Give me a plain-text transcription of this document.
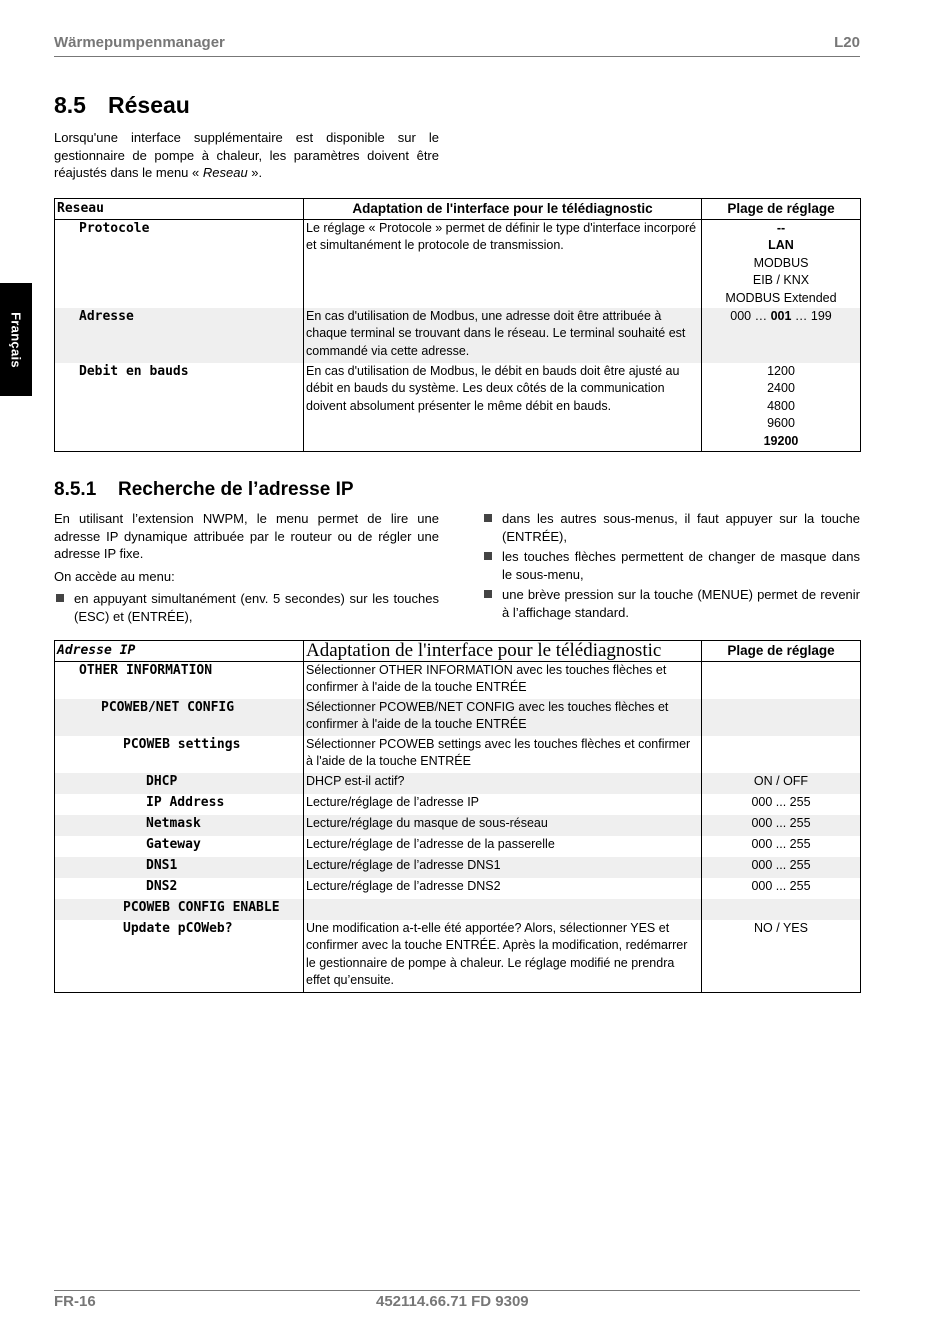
Wärmepumpenmanager	L20
Français
8.5 Réseau

Lorsqu'une interface supplémentaire est disponible sur le gestionnaire de pompe à chaleur, les paramètres doivent être réajustés dans le menu « Reseau ».

Reseau	Adaptation de l'interface pour le télédiagnostic	Plage de réglage
Protocole	Le réglage « Protocole » permet de définir le type d'interface incorporé et simultanément le protocole de transmission.	--
LAN
MODBUS
EIB / KNX
MODBUS Extended

Adresse	En cas d'utilisation de Modbus, une adresse doit être attribuée à chaque terminal se trouvant dans le réseau. Le terminal souhaité est commandé via cette adresse.	000 … 001 … 199
Debit en bauds	En cas d'utilisation de Modbus, le débit en bauds doit être ajusté au débit en bauds du système. Les deux côtés de la communication doivent absolument présenter le même débit en bauds.	1200
2400
4800
9600
19200
8.5.1 Recherche de l’adresse IP

En utilisant l’extension NWPM, le menu permet de lire une adresse IP dynamique attribuée par le routeur ou de régler une adresse IP fixe.

On accède au menu:

en appuyant simultanément (env. 5 secondes) sur les touches (ESC) et (ENTRÉE),
dans les autres sous-menus, il faut appuyer sur la touche (ENTRÉE),
les touches flèches permettent de changer de masque dans le sous-menu,
une brève pression sur la touche (MENUE) permet de revenir à l’affichage standard.
Adresse IP	Adaptation de l'interface pour le télédiagnostic	Plage de réglage
OTHER INFORMATION	Sélectionner OTHER INFORMATION avec les touches flèches et confirmer à l'aide de la touche ENTRÉE	
PCOWEB/NET CONFIG	Sélectionner PCOWEB/NET CONFIG avec les touches flèches et confirmer à l'aide de la touche ENTRÉE	
PCOWEB settings	Sélectionner PCOWEB settings avec les touches flèches et confirmer à l'aide de la touche ENTRÉE	
DHCP	DHCP est-il actif?	ON / OFF
IP Address	Lecture/réglage de l’adresse IP	000 ... 255
Netmask	Lecture/réglage du masque de sous-réseau	000 ... 255
Gateway	Lecture/réglage de l’adresse de la passerelle	000 ... 255
DNS1	Lecture/réglage de l’adresse DNS1	000 ... 255
DNS2	Lecture/réglage de l’adresse DNS2	000 ... 255
PCOWEB CONFIG ENABLE		
Update pCOWeb?	Une modification a-t-elle été apportée? Alors, sélectionner YES et confirmer avec la touche ENTRÉE. Après la modification, redémarrer le gestionnaire de pompe à chaleur. Le réglage modifié ne prendra effet qu’ensuite.	NO / YES
FR-16	452114.66.71 FD 9309
